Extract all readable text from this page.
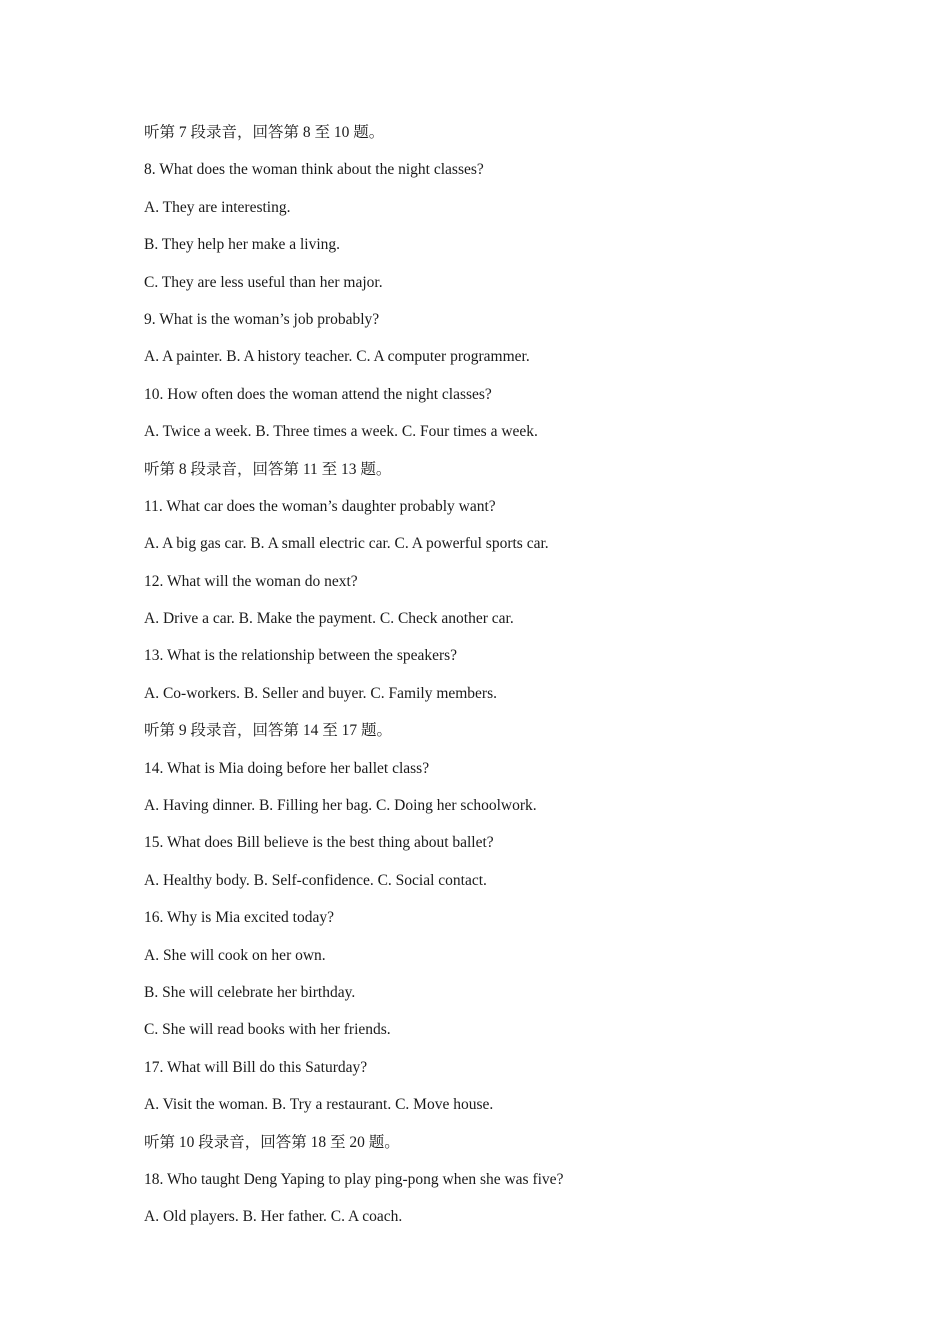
听第 7 段录音，回答第 8 至 10 题。
8. What does the woman think about the night classes?
A. They are interesting.
B. They help her make a living.
C. They are less useful than her major.
9. What is the woman’s job probably?
A. A painter. B. A history teacher. C. A computer programmer.
10. How often does the woman attend the night classes?
A. Twice a week. B. Three times a week. C. Four times a week.
听第 8 段录音，回答第 11 至 13 题。
11. What car does the woman’s daughter probably want?
A. A big gas car. B. A small electric car. C. A powerful sports car.
12. What will the woman do next?
A. Drive a car. B. Make the payment. C. Check another car.
13. What is the relationship between the speakers?
A. Co-workers. B. Seller and buyer. C. Family members.
听第 9 段录音，回答第 14 至 17 题。
14. What is Mia doing before her ballet class?
A. Having dinner. B. Filling her bag. C. Doing her schoolwork.
15. What does Bill believe is the best thing about ballet?
A. Healthy body. B. Self-confidence. C. Social contact.
16. Why is Mia excited today?
A. She will cook on her own.
B. She will celebrate her birthday.
C. She will read books with her friends.
17. What will Bill do this Saturday?
A. Visit the woman. B. Try a restaurant. C. Move house.
听第 10 段录音，回答第 18 至 20 题。
18. Who taught Deng Yaping to play ping-pong when she was five?
A. Old players. B. Her father. C. A coach.
